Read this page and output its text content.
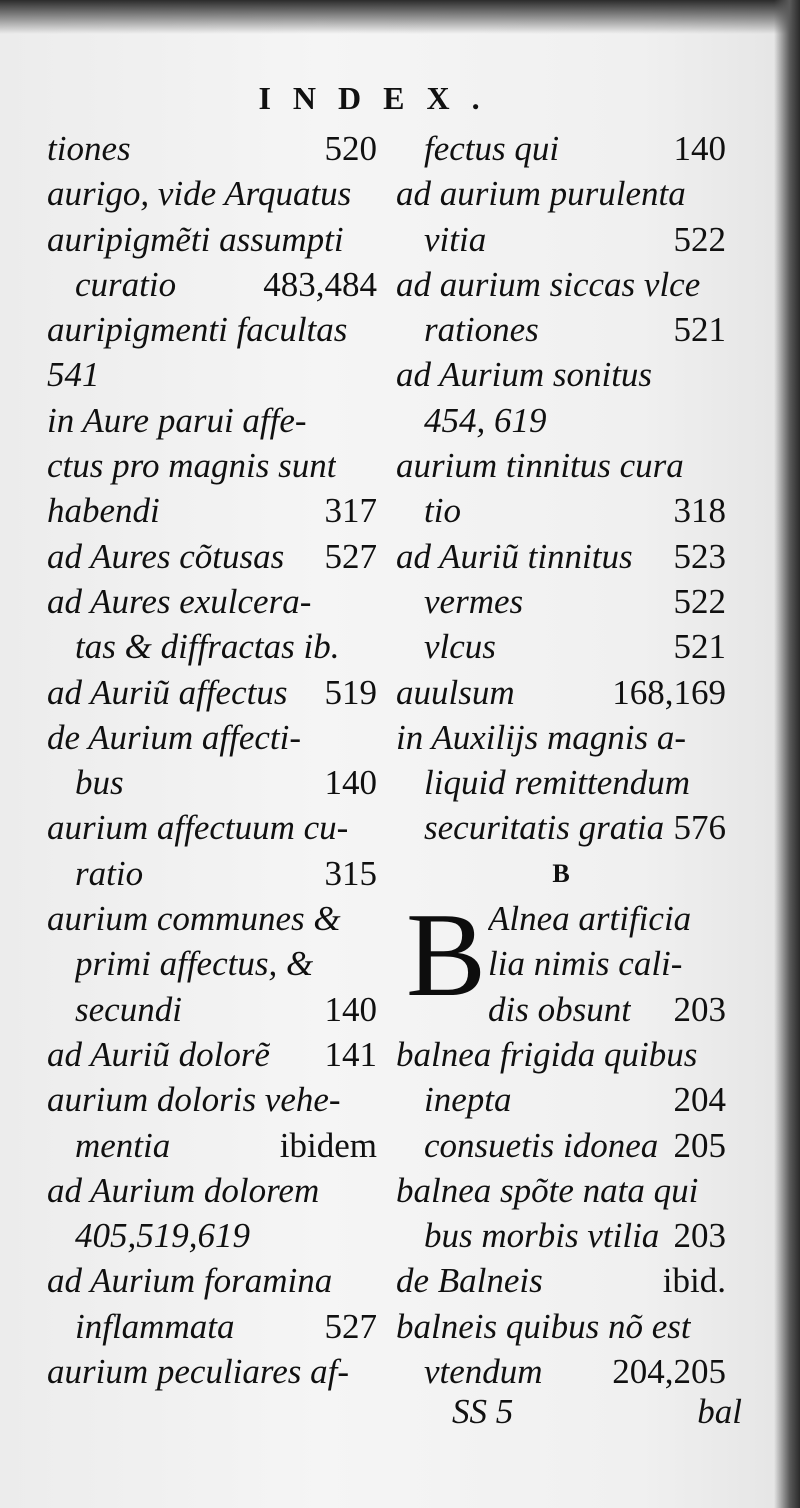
INDEX.
tiones	520
aurigo, vide Arquatus
auripigmẽti assumpti
curatio 483,484
auripigmenti facultas
541
in Aure parui affe-
ctus pro magnis sunt
habendi	317
ad Aures cõtusas 527
ad Aures exulcera-
tas & diffractas ib.
ad Auriũ affectus 519
de Aurium affecti-
bus	140
aurium affectuum cu-
ratio	315
aurium communes &
primi affectus, &
secundi	140
ad Auriũ dolorẽ 141
aurium doloris vehe-
mentia	ibidem
ad Aurium dolorem
405,519,619
ad Aurium foramina
inflammata	527
aurium peculiares af-
fectus qui	140
ad aurium purulenta
vitia	522
ad aurium siccas vlce
rationes	521
ad Aurium sonitus
454, 619
aurium tinnitus cura
tio	318
ad Auriũ tinnitus 523
vermes	522
vlcus	521
auulsum	168,169
in Auxilijs magnis a-
liquid remittendum
securitatis gratia 576
B
B Alnea artificia
lia nimis cali-
dis obsunt 203
balnea frigida quibus
inepta	204
consuetis idonea 205
balnea spõte nata qui
bus morbis vtilia 203
de Balneis	ibid.
balneis quibus nõ est
vtendum 204,205
SS 5	bal
